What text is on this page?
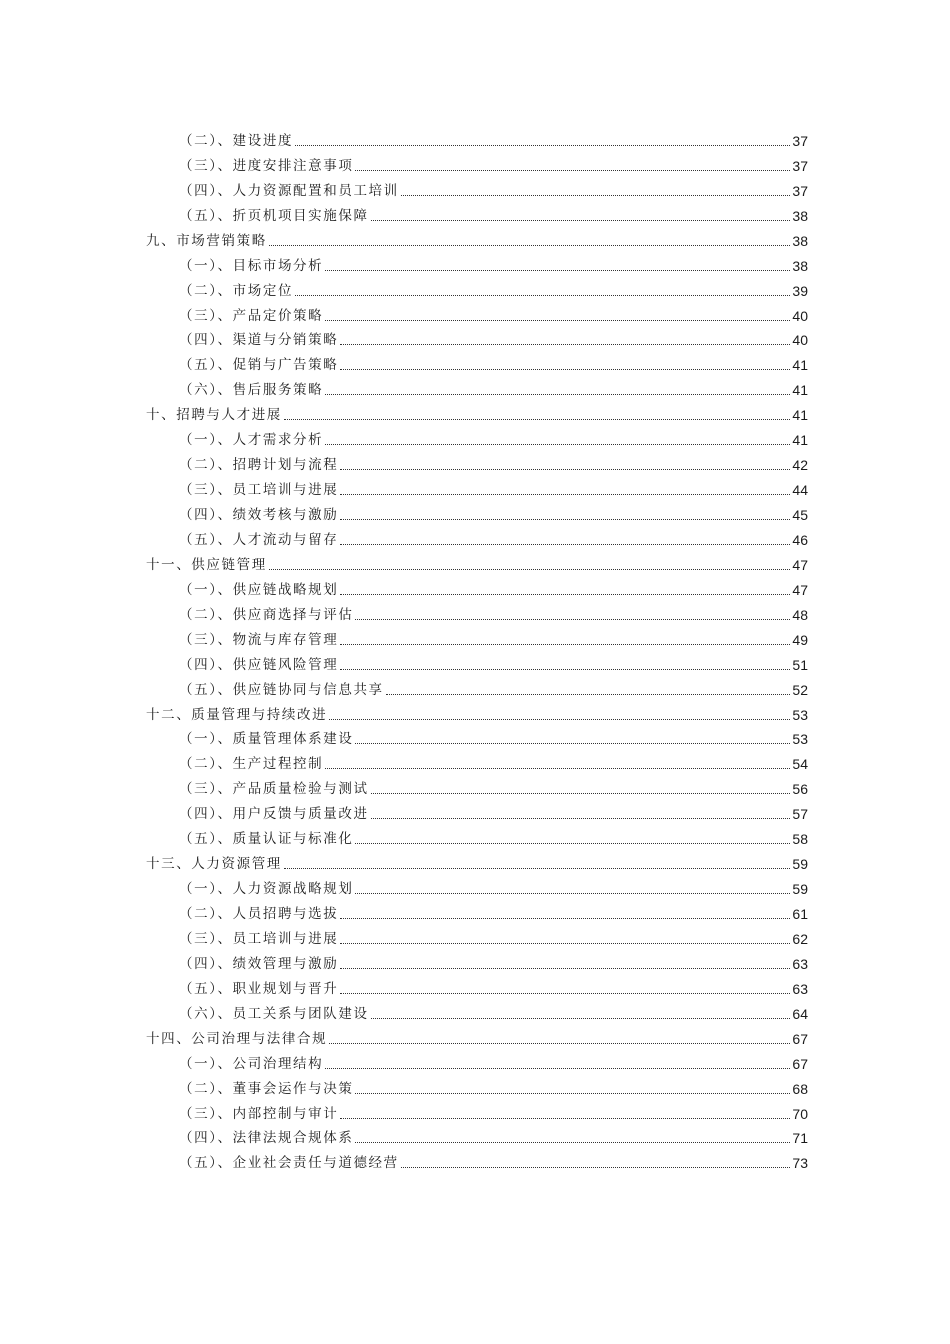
（二）、建设进度	37
（三）、进度安排注意事项	37
（四）、人力资源配置和员工培训	37
（五）、折页机项目实施保障	38
九、市场营销策略	38
（一）、目标市场分析	38
（二）、市场定位	39
（三）、产品定价策略	40
（四）、渠道与分销策略	40
（五）、促销与广告策略	41
（六）、售后服务策略	41
十、招聘与人才进展	41
（一）、人才需求分析	41
（二）、招聘计划与流程	42
（三）、员工培训与进展	44
（四）、绩效考核与激励	45
（五）、人才流动与留存	46
十一、供应链管理	47
（一）、供应链战略规划	47
（二）、供应商选择与评估	48
（三）、物流与库存管理	49
（四）、供应链风险管理	51
（五）、供应链协同与信息共享	52
十二、质量管理与持续改进	53
（一）、质量管理体系建设	53
（二）、生产过程控制	54
（三）、产品质量检验与测试	56
（四）、用户反馈与质量改进	57
（五）、质量认证与标准化	58
十三、人力资源管理	59
（一）、人力资源战略规划	59
（二）、人员招聘与选拔	61
（三）、员工培训与进展	62
（四）、绩效管理与激励	63
（五）、职业规划与晋升	63
（六）、员工关系与团队建设	64
十四、公司治理与法律合规	67
（一）、公司治理结构	67
（二）、董事会运作与决策	68
（三）、内部控制与审计	70
（四）、法律法规合规体系	71
（五）、企业社会责任与道德经营	73
